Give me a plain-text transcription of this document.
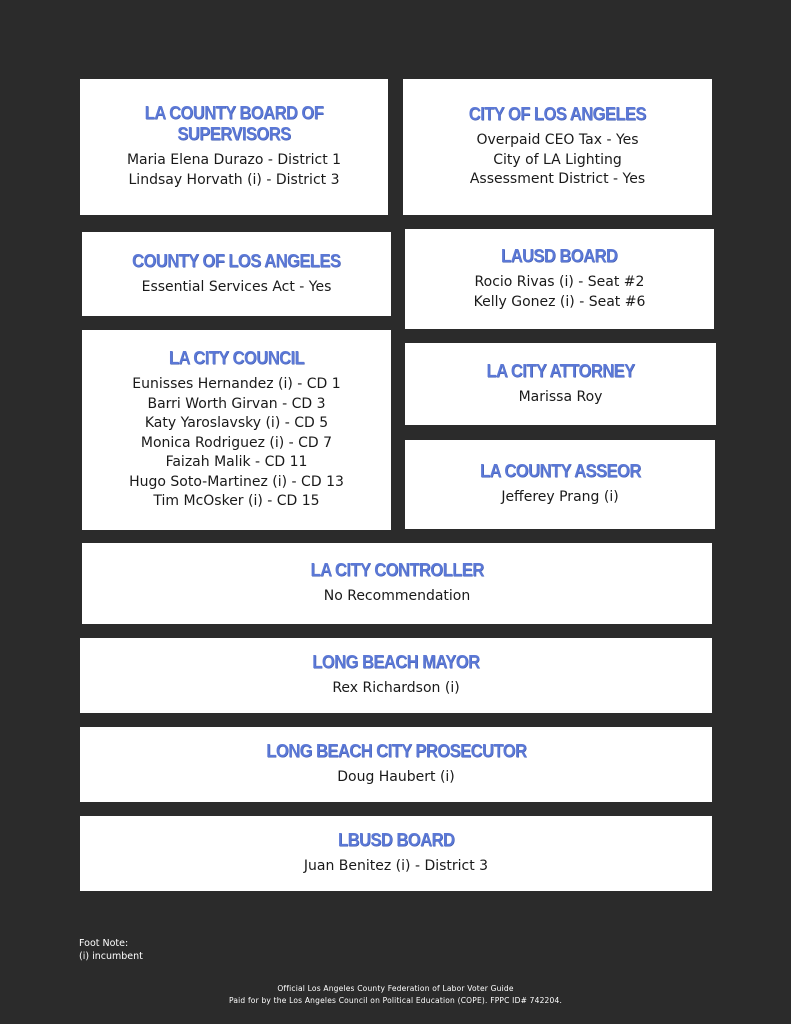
LA COUNTY BOARD OF SUPERVISORS
Maria Elena Durazo - District 1
Lindsay Horvath (i) - District 3
CITY OF LOS ANGELES
Overpaid CEO Tax - Yes
City of LA Lighting
Assessment District - Yes
COUNTY OF LOS ANGELES
Essential Services Act - Yes
LAUSD BOARD
Rocio Rivas (i) - Seat #2
Kelly Gonez (i) - Seat #6
LA CITY COUNCIL
Eunisses Hernandez (i) - CD 1
Barri Worth Girvan - CD 3
Katy Yaroslavsky (i) - CD 5
Monica Rodriguez (i) - CD 7
Faizah Malik - CD 11
Hugo Soto-Martinez (i) - CD 13
Tim McOsker (i) - CD 15
LA CITY ATTORNEY
Marissa Roy
LA COUNTY ASSEOR
Jefferey Prang (i)
LA CITY CONTROLLER
No Recommendation
LONG BEACH MAYOR
Rex Richardson (i)
LONG BEACH CITY PROSECUTOR
Doug Haubert (i)
LBUSD BOARD
Juan Benitez (i) - District 3
Foot Note:
(i) incumbent
Official Los Angeles County Federation of Labor Voter Guide
Paid for by the Los Angeles Council on Political Education (COPE). FPPC ID# 742204.
